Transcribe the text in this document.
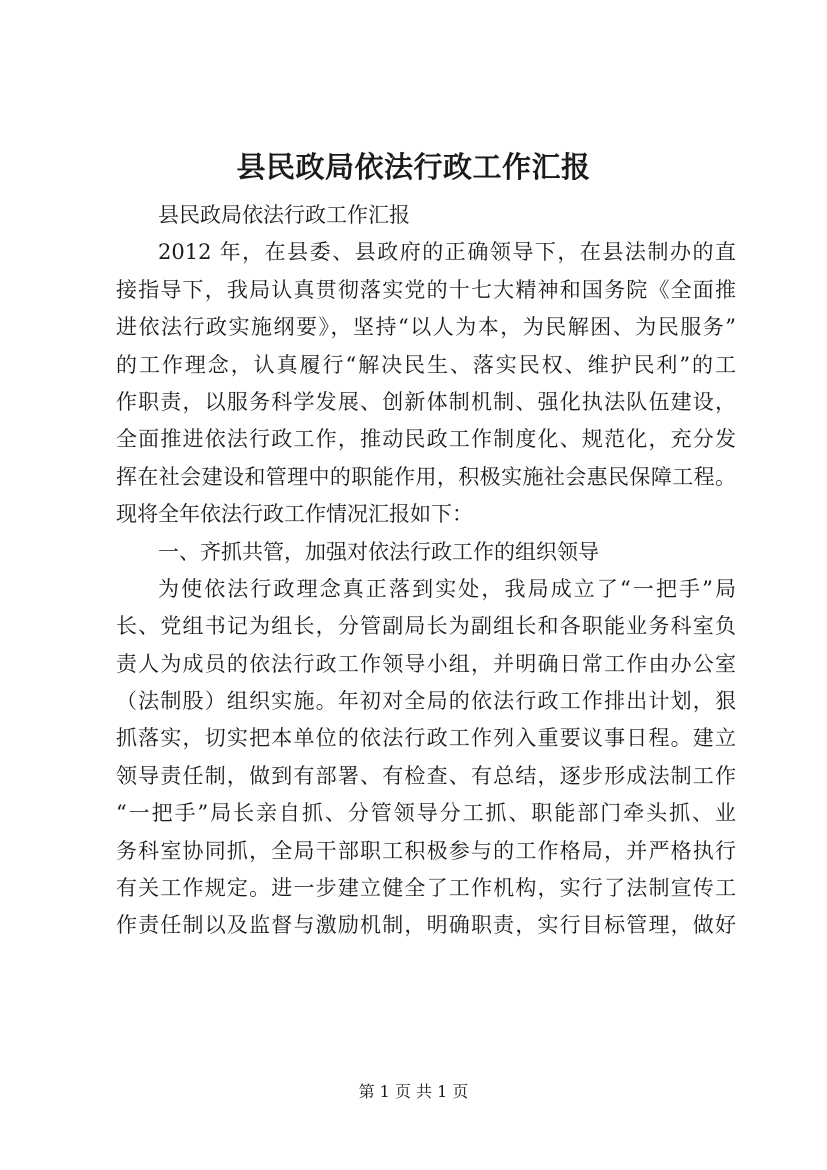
县民政局依法行政工作汇报
县民政局依法行政工作汇报
2012 年，在县委、县政府的正确领导下，在县法制办的直
接指导下，我局认真贯彻落实党的十七大精神和国务院《全面推
进依法行政实施纲要》，坚持“以人为本，为民解困、为民服务”
的工作理念，认真履行“解决民生、落实民权、维护民利”的工
作职责，以服务科学发展、创新体制机制、强化执法队伍建设，
全面推进依法行政工作，推动民政工作制度化、规范化，充分发
挥在社会建设和管理中的职能作用，积极实施社会惠民保障工程。
现将全年依法行政工作情况汇报如下：
一、齐抓共管，加强对依法行政工作的组织领导
为使依法行政理念真正落到实处，我局成立了“一把手”局
长、党组书记为组长，分管副局长为副组长和各职能业务科室负
责人为成员的依法行政工作领导小组，并明确日常工作由办公室
（法制股）组织实施。年初对全局的依法行政工作排出计划，狠
抓落实，切实把本单位的依法行政工作列入重要议事日程。建立
领导责任制，做到有部署、有检查、有总结，逐步形成法制工作
“一把手”局长亲自抓、分管领导分工抓、职能部门牵头抓、业
务科室协同抓，全局干部职工积极参与的工作格局，并严格执行
有关工作规定。进一步建立健全了工作机构，实行了法制宣传工
作责任制以及监督与激励机制，明确职责，实行目标管理，做好
第 1 页 共 1 页
